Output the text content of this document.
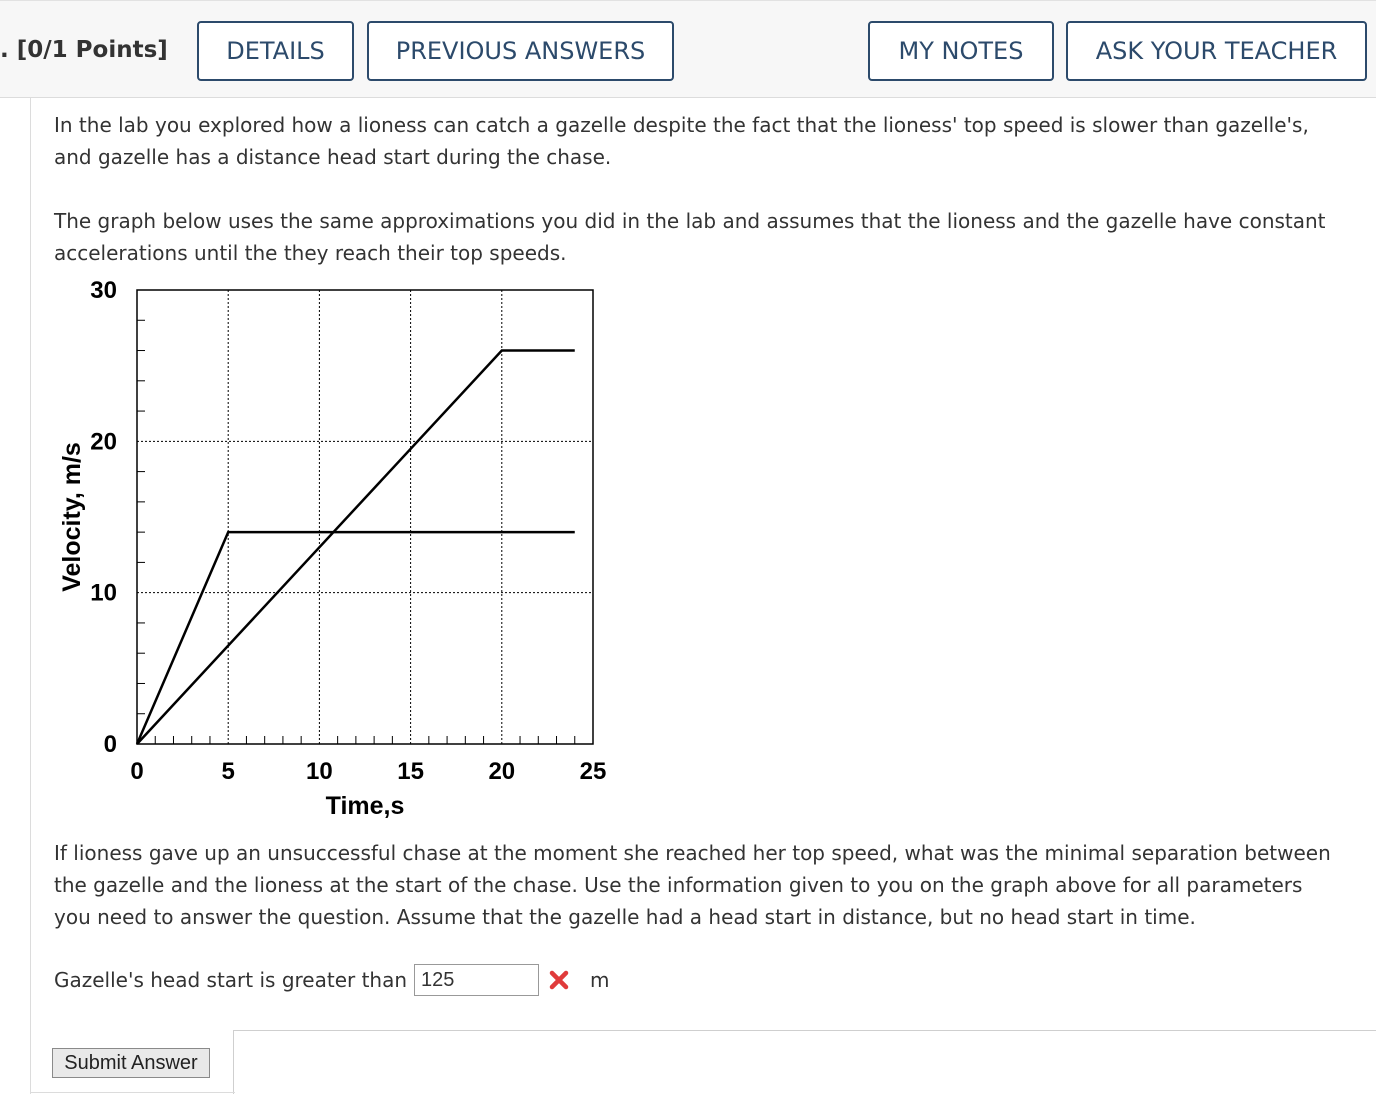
. [0/1 Points]	DETAILS	PREVIOUS ANSWERS	MY NOTES	ASK YOUR TEACHER

In the lab you explored how a lioness can catch a gazelle despite the fact that the lioness' top speed is slower than gazelle's, and gazelle has a distance head start during the chase.

The graph below uses the same approximations you did in the lab and assumes that the lioness and the gazelle have constant accelerations until the they reach their top speeds.

0	5	10	15	20	25
0
10
20
30
Time,s
Velocity, m/s

If lioness gave up an unsuccessful chase at the moment she reached her top speed, what was the minimal separation between the gazelle and the lioness at the start of the chase. Use the information given to you on the graph above for all parameters you need to answer the question. Assume that the gazelle had a head start in distance, but no head start in time.

Gazelle's head start is greater than
125	m
Submit Answer
